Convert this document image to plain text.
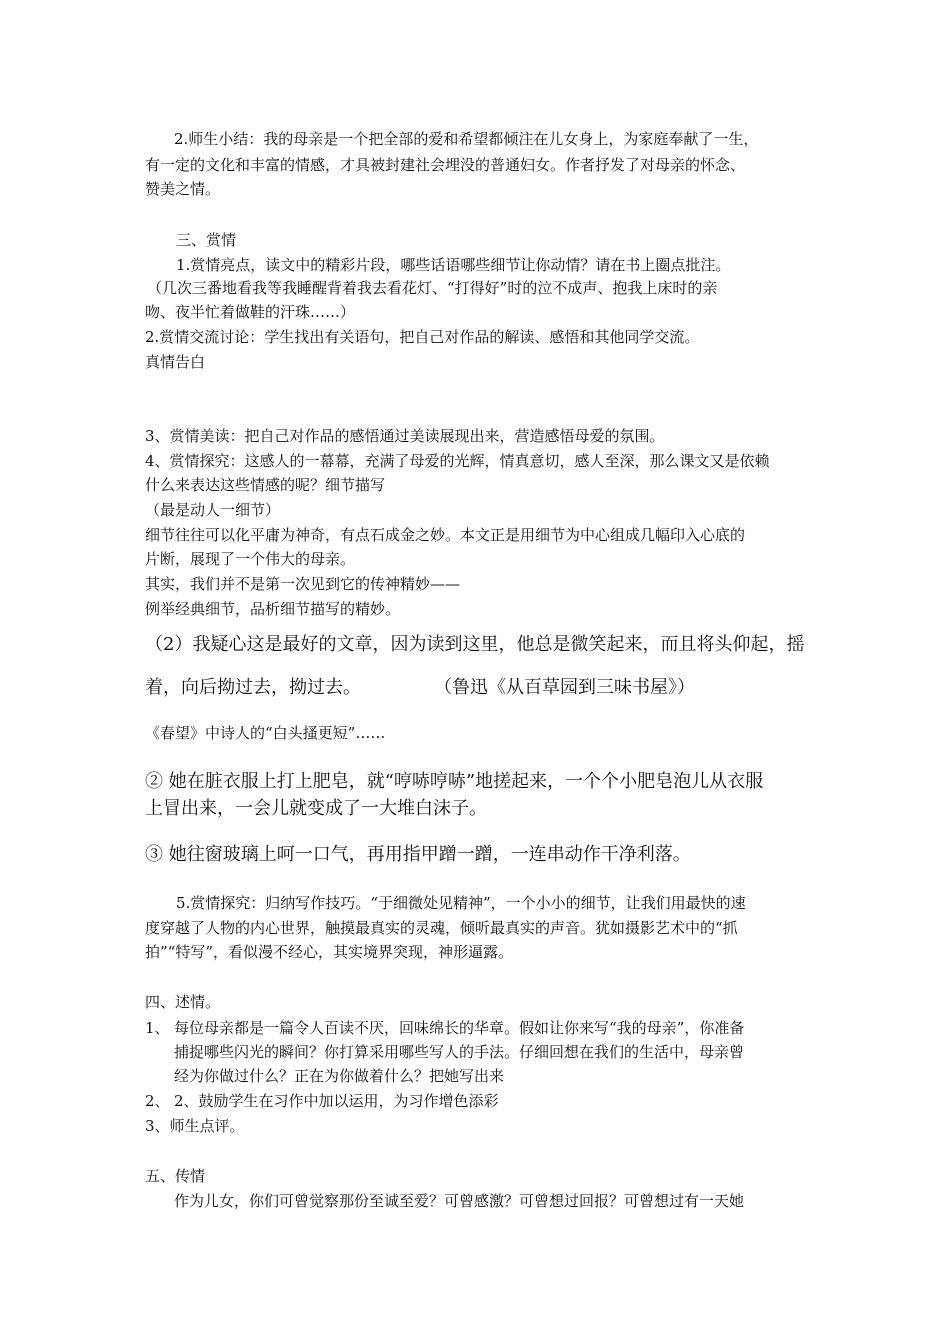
2.师生小结：我的母亲是一个把全部的爱和希望都倾注在儿女身上，为家庭奉献了一生，
有一定的文化和丰富的情感，才具被封建社会埋没的普通妇女。作者抒发了对母亲的怀念、
赞美之情。
三、赏情
1.赏情亮点，读文中的精彩片段，哪些话语哪些细节让你动情？请在书上圈点批注。
（几次三番地看我等我睡醒背着我去看花灯、“打得好”时的泣不成声、抱我上床时的亲
吻、夜半忙着做鞋的汗珠……）
2.赏情交流讨论：学生找出有关语句，把自己对作品的解读、感悟和其他同学交流。
真情告白
3、赏情美读：把自己对作品的感悟通过美读展现出来，营造感悟母爱的氛围。
4、赏情探究：这感人的一幕幕，充满了母爱的光辉，情真意切，感人至深，那么课文又是依赖
什么来表达这些情感的呢？细节描写
（最是动人一细节）
细节往往可以化平庸为神奇，有点石成金之妙。本文正是用细节为中心组成几幅印入心底的
片断，展现了一个伟大的母亲。
其实，我们并不是第一次见到它的传神精妙——
例举经典细节，品析细节描写的精妙。
（2）我疑心这是最好的文章，因为读到这里，他总是微笑起来，而且将头仰起，摇
着，向后拗过去，拗过去。	（鲁迅《从百草园到三味书屋》）
《春望》中诗人的“白头搔更短”……
② 她在脏衣服上打上肥皂，就“哼哧哼哧”地搓起来，一个个小肥皂泡儿从衣服
上冒出来，一会儿就变成了一大堆白沫子。
③ 她往窗玻璃上呵一口气，再用指甲蹭一蹭，一连串动作干净利落。
5.赏情探究：归纳写作技巧。“于细微处见精神”，一个小小的细节，让我们用最快的速
度穿越了人物的内心世界，触摸最真实的灵魂，倾听最真实的声音。犹如摄影艺术中的“抓
拍”“特写”，看似漫不经心，其实境界突现，神形逼露。
四、述情。
1、 每位母亲都是一篇令人百读不厌，回味绵长的华章。假如让你来写“我的母亲”，你准备
捕捉哪些闪光的瞬间？你打算采用哪些写人的手法。仔细回想在我们的生活中，母亲曾
经为你做过什么？正在为你做着什么？把她写出来
2、 2、鼓励学生在习作中加以运用，为习作增色添彩
3、师生点评。
五、传情
作为儿女，你们可曾觉察那份至诚至爱？可曾感激？可曾想过回报？可曾想过有一天她
